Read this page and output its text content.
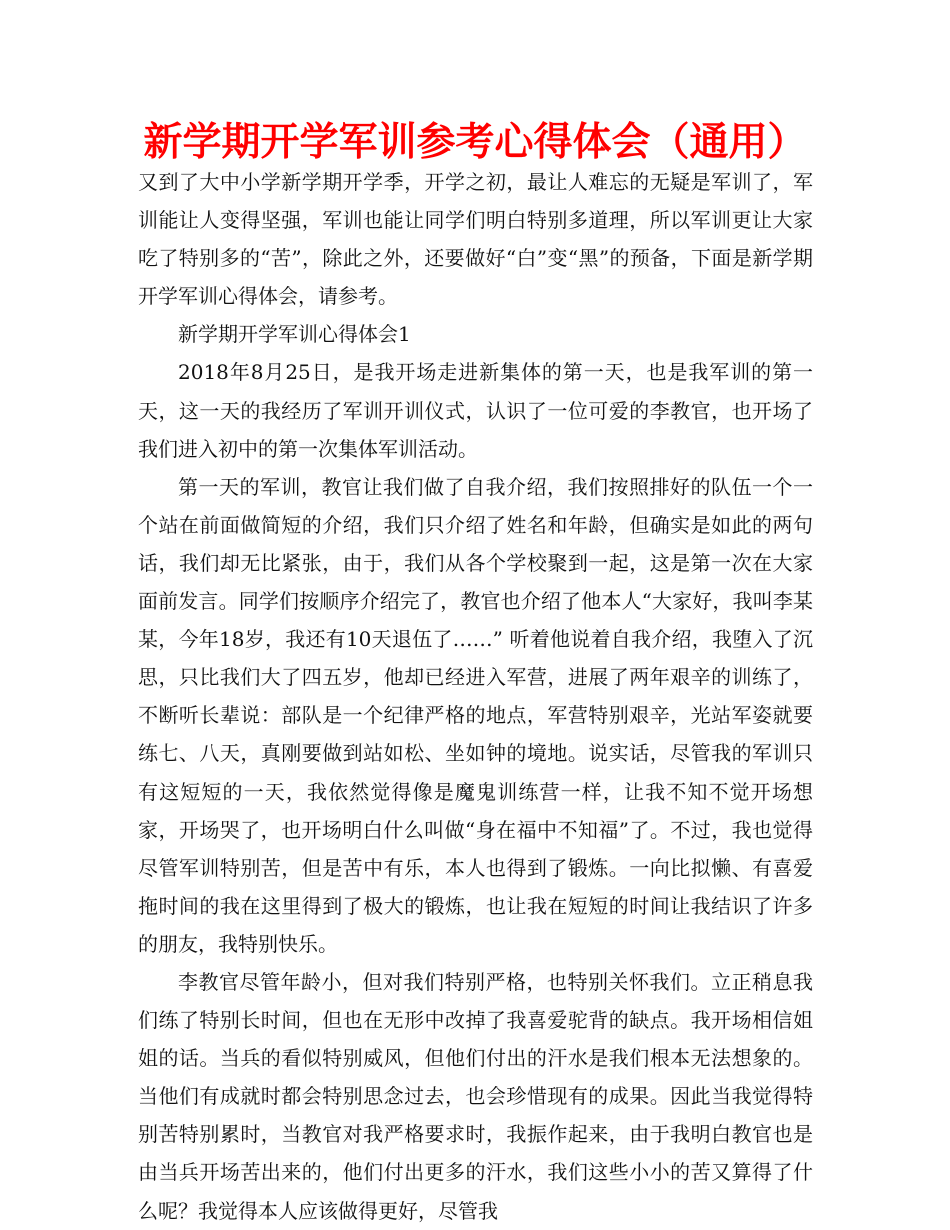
新学期开学军训参考心得体会（通用）

又到了大中小学新学期开学季，开学之初，最让人难忘的无疑是军训了，军训能让人变得坚强，军训也能让同学们明白特别多道理，所以军训更让大家吃了特别多的“苦”，除此之外，还要做好“白”变“黑”的预备，下面是新学期开学军训心得体会，请参考。

新学期开学军训心得体会1

2018年8月25日，是我开场走进新集体的第一天，也是我军训的第一天，这一天的我经历了军训开训仪式，认识了一位可爱的李教官，也开场了我们进入初中的第一次集体军训活动。

第一天的军训，教官让我们做了自我介绍，我们按照排好的队伍一个一个站在前面做简短的介绍，我们只介绍了姓名和年龄，但确实是如此的两句话，我们却无比紧张，由于，我们从各个学校聚到一起，这是第一次在大家面前发言。同学们按顺序介绍完了，教官也介绍了他本人“大家好，我叫李某某，今年18岁，我还有10天退伍了……” 听着他说着自我介绍，我堕入了沉思，只比我们大了四五岁，他却已经进入军营，进展了两年艰辛的训练了，不断听长辈说：部队是一个纪律严格的地点，军营特别艰辛，光站军姿就要练七、八天，真刚要做到站如松、坐如钟的境地。说实话，尽管我的军训只有这短短的一天，我依然觉得像是魔鬼训练营一样，让我不知不觉开场想家，开场哭了，也开场明白什么叫做“身在福中不知福”了。不过，我也觉得尽管军训特别苦，但是苦中有乐，本人也得到了锻炼。一向比拟懒、有喜爱拖时间的我在这里得到了极大的锻炼，也让我在短短的时间让我结识了许多的朋友，我特别快乐。

李教官尽管年龄小，但对我们特别严格，也特别关怀我们。立正稍息我们练了特别长时间，但也在无形中改掉了我喜爱驼背的缺点。我开场相信姐姐的话。当兵的看似特别威风，但他们付出的汗水是我们根本无法想象的。当他们有成就时都会特别思念过去，也会珍惜现有的成果。因此当我觉得特别苦特别累时，当教官对我严格要求时，我振作起来，由于我明白教官也是由当兵开场苦出来的，他们付出更多的汗水，我们这些小小的苦又算得了什么呢？我觉得本人应该做得更好，尽管我
